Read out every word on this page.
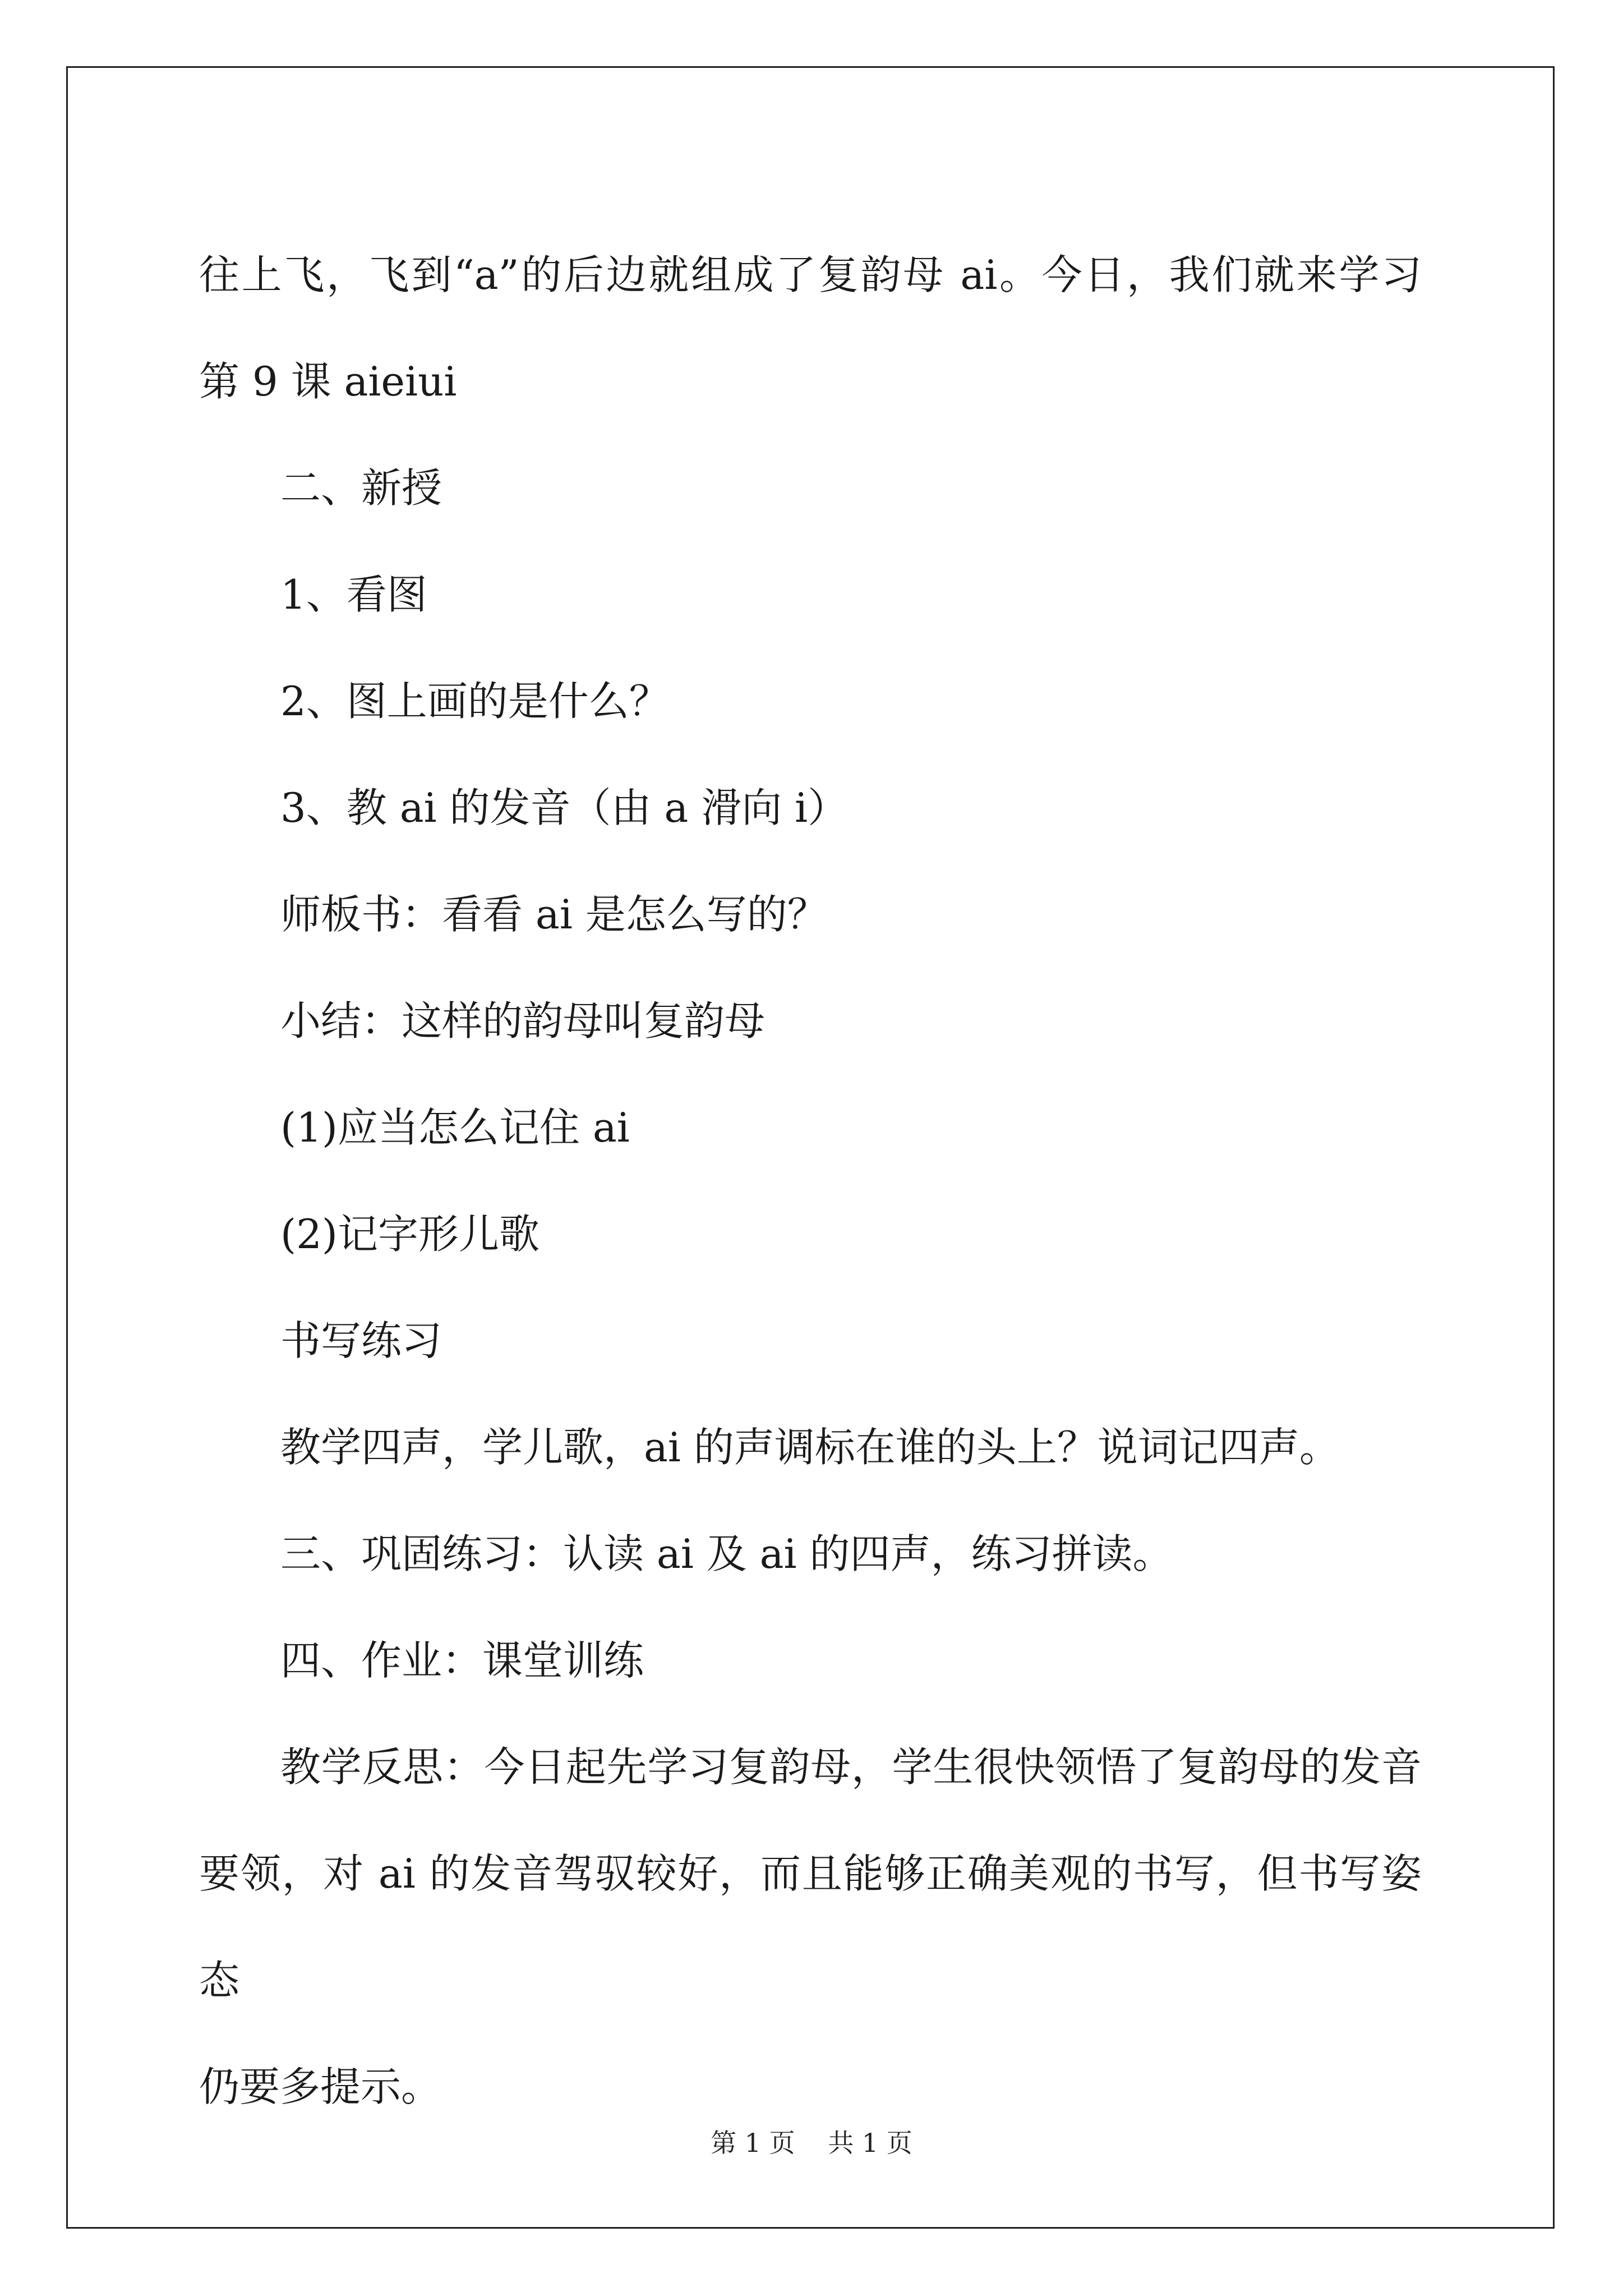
往上飞，飞到“a”的后边就组成了复韵母 ai。今日，我们就来学习

第 9 课 aieiui

二、新授

1、看图

2、图上画的是什么？

3、教 ai 的发音（由 a 滑向 i）

师板书：看看 ai 是怎么写的？

小结：这样的韵母叫复韵母

(1)应当怎么记住 ai

(2)记字形儿歌

书写练习

教学四声，学儿歌，ai 的声调标在谁的头上？说词记四声。

三、巩固练习：认读 ai 及 ai 的四声，练习拼读。

四、作业：课堂训练

教学反思：今日起先学习复韵母，学生很快领悟了复韵母的发音

要领，对 ai 的发音驾驭较好，而且能够正确美观的书写，但书写姿态

仍要多提示。

第 1 页 共 1 页
